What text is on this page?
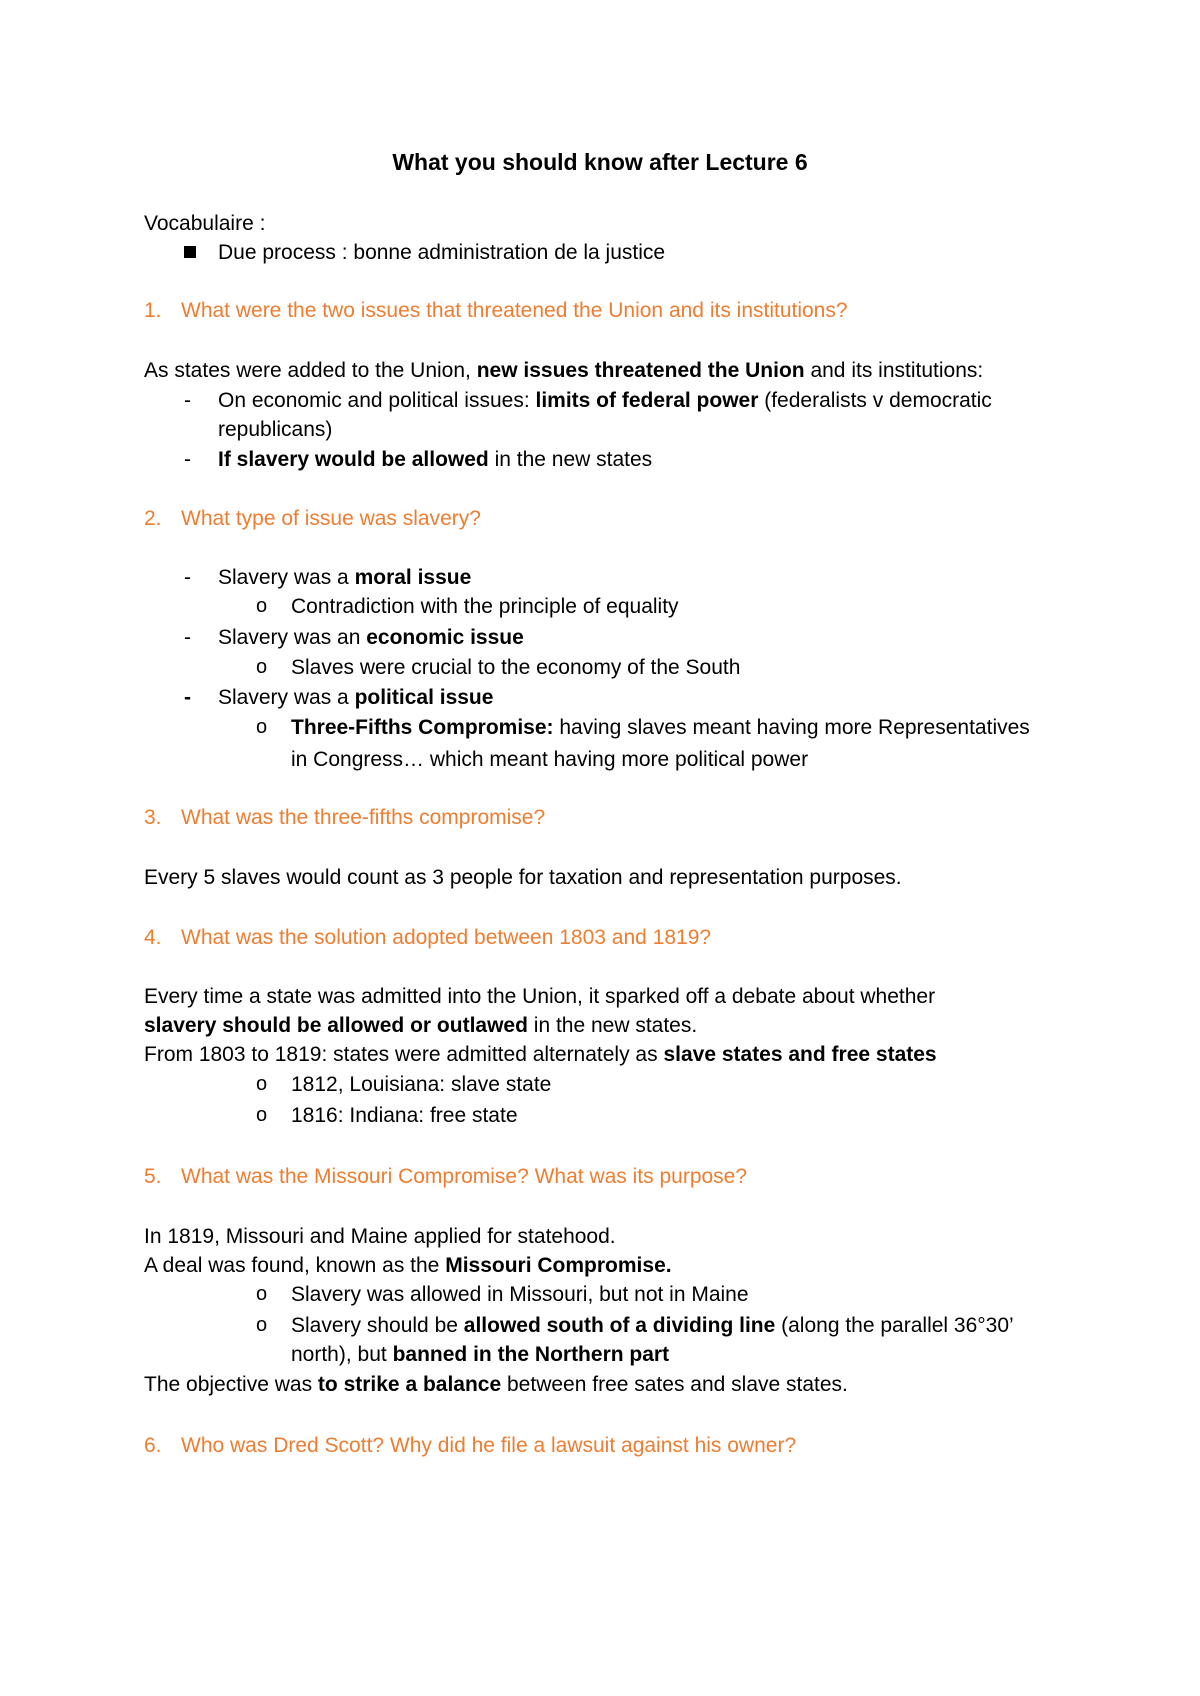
What you should know after Lecture 6
Vocabulaire :
Due process : bonne administration de la justice
1. What were the two issues that threatened the Union and its institutions?
As states were added to the Union, new issues threatened the Union and its institutions:
- On economic and political issues: limits of federal power (federalists v democratic
republicans)
- If slavery would be allowed in the new states
2. What type of issue was slavery?
- Slavery was a moral issue
o Contradiction with the principle of equality
- Slavery was an economic issue
o Slaves were crucial to the economy of the South
- Slavery was a political issue
o Three-Fifths Compromise: having slaves meant having more Representatives
in Congress… which meant having more political power
3. What was the three-fifths compromise?
Every 5 slaves would count as 3 people for taxation and representation purposes.
4. What was the solution adopted between 1803 and 1819?
Every time a state was admitted into the Union, it sparked off a debate about whether
slavery should be allowed or outlawed in the new states.
From 1803 to 1819: states were admitted alternately as slave states and free states
o 1812, Louisiana: slave state
o 1816: Indiana: free state
5. What was the Missouri Compromise? What was its purpose?
In 1819, Missouri and Maine applied for statehood.
A deal was found, known as the Missouri Compromise.
o Slavery was allowed in Missouri, but not in Maine
o Slavery should be allowed south of a dividing line (along the parallel 36°30’
north), but banned in the Northern part
The objective was to strike a balance between free sates and slave states.
6. Who was Dred Scott? Why did he file a lawsuit against his owner?
